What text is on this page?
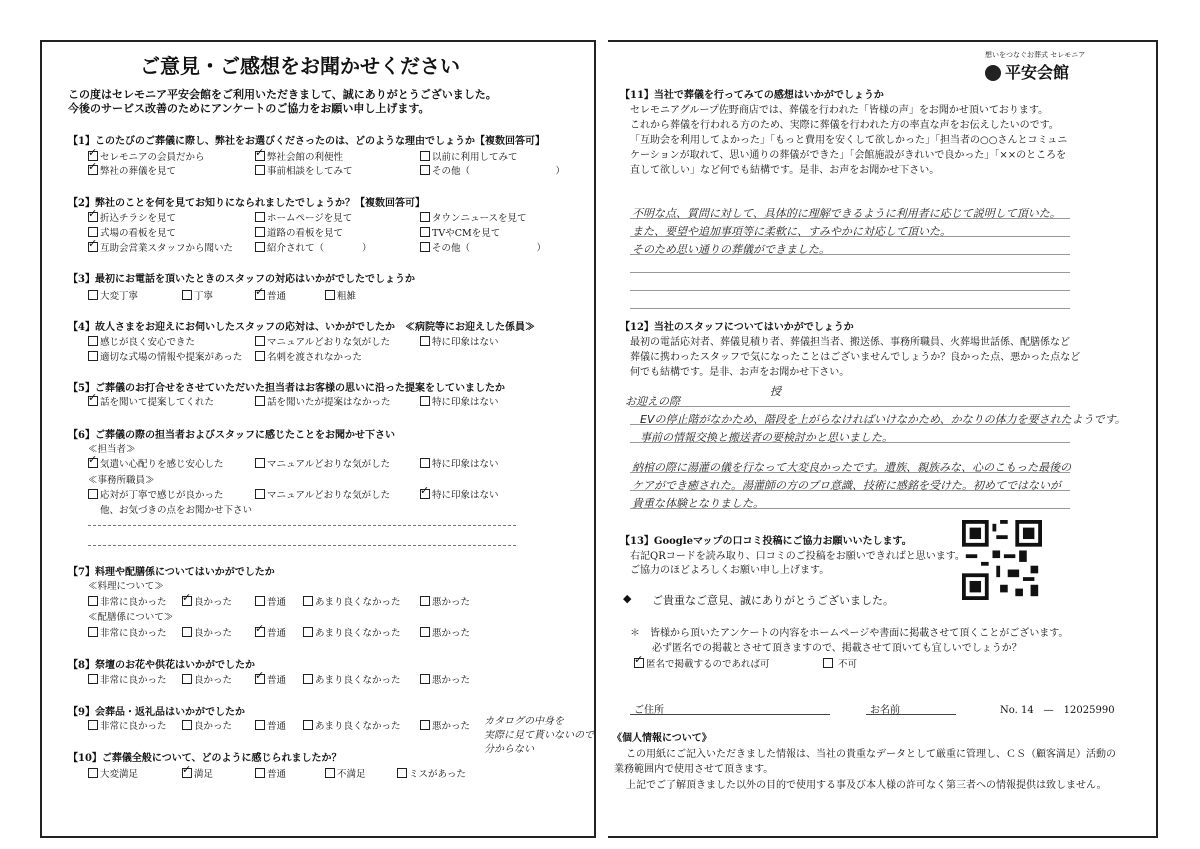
ご意見・ご感想をお聞かせください
この度はセレモニア平安会館をご利用いただきまして、誠にありがとうございました。
今後のサービス改善のためにアンケートのご協力をお願い申し上げます。
【1】このたびのご葬儀に際し、弊社をお選びくださったのは、どのような理由でしょうか【複数回答可】
✓セレモニアの会員だから ✓	弊社会館の利便性	以前に利用してみて
✓弊社の葬儀を見て	事前相談をしてみて	その他（　　　　　　　　　）
【2】弊社のことを何を見てお知りになられましたでしょうか？【複数回答可】
✓折込チラシを見て	ホームページを見て	タウンニュースを見て
式場の看板を見て	道路の看板を見て	TVやCMを見て
✓互助会営業スタッフから聞いた	紹介されて（　　　　）	その他（　　　　　　　）
【3】最初にお電話を頂いたときのスタッフの対応はいかがでしたでしょうか
大変丁寧	丁寧 ✓	普通	粗雑
【4】故人さまをお迎えにお伺いしたスタッフの応対は、いかがでしたか　≪病院等にお迎えした係員≫
感じが良く安心できた	マニュアルどおりな気がした	特に印象はない
適切な式場の情報や提案があった	名刺を渡されなかった
【5】ご葬儀のお打合せをさせていただいた担当者はお客様の思いに沿った提案をしていましたか
✓話を聞いて提案してくれた	話を聞いたが提案はなかった	特に印象はない
【6】ご葬儀の際の担当者およびスタッフに感じたことをお聞かせ下さい
≪担当者≫
✓気遣い心配りを感じ安心した	マニュアルどおりな気がした	特に印象はない
≪事務所職員≫
応対が丁寧で感じが良かった	マニュアルどおりな気がした ✓	特に印象はない
他、お気づきの点をお聞かせ下さい
【7】料理や配膳係についてはいかがでしたか
≪料理について≫
非常に良かった ✓	良かった	普通	あまり良くなかった	悪かった
≪配膳係について≫
非常に良かった	良かった ✓	普通	あまり良くなかった	悪かった
【8】祭壇のお花や供花はいかがでしたか
非常に良かった	良かった ✓	普通	あまり良くなかった	悪かった
【9】会葬品・返礼品はいかがでしたか
非常に良かった	良かった	普通	あまり良くなかった	悪かった カタログの中身を
実際に見て貰いないので
分からない
【10】ご葬儀全般について、どのように感じられましたか？
大変満足 ✓	満足	普通	不満足	ミスがあった
想いをつなぐお葬式 セレモニア
平安会館
【11】当社で葬儀を行ってみての感想はいかがでしょうか
セレモニアグループ佐野商店では、葬儀を行われた「皆様の声」をお聞かせ頂いております。
これから葬儀を行われる方のため、実際に葬儀を行われた方の率直な声をお伝えしたいのです。
「互助会を利用してよかった」「もっと費用を安くして欲しかった」「担当者の○○さんとコミュニ
ケーションが取れて、思い通りの葬儀ができた」「会館施設がきれいで良かった」「××のところを
直して欲しい」など何でも結構です。是非、お声をお聞かせ下さい。
不明な点、質問に対して、具体的に理解できるように利用者に応じて説明して頂いた。
また、要望や追加事項等に柔軟に、すみやかに対応して頂いた。
そのため思い通りの葬儀ができました。
【12】当社のスタッフについてはいかがでしょうか
最初の電話応対者、葬儀見積り者、葬儀担当者、搬送係、事務所職員、火葬場世話係、配膳係など
葬儀に携わったスタッフで気になったことはございませんでしょうか？良かった点、悪かった点など
何でも結構です。是非、お声をお聞かせ下さい。
お迎えの際
授
EVの停止階がなかため、階段を上がらなければいけなかため、かなりの体力を要されたようです。
事前の情報交換と搬送者の要検討かと思いました。
納棺の際に湯灌の儀を行なって大変良かったです。遺族、親族みな、心のこもった最後の
ケアができ癒された。湯灌師の方のプロ意識、技術に感銘を受けた。初めてではないが
貴重な体験となりました。
【13】Googleマップの口コミ投稿にご協力お願いいたします。
右記QRコードを読み取り、口コミのご投稿をお願いできればと思います。
ご協力のほどよろしくお願い申し上げます。
◆ ご貴重なご意見、誠にありがとうございました。
＊　皆様から頂いたアンケートの内容をホームページや書面に掲載させて頂くことがございます。
必ず匿名での掲載とさせて頂きますので、掲載させて頂いても宜しいでしょうか？
✓匿名で掲載するのであれば可	不可
ご住所	お名前	No. 14　—　12025990
《個人情報について》
この用紙にご記入いただきました情報は、当社の貴重なデータとして厳重に管理し、ＣＳ（顧客満足）活動の
業務範囲内で使用させて頂きます。
上記でご了解頂きました以外の目的で使用する事及び本人様の許可なく第三者への情報提供は致しません。
